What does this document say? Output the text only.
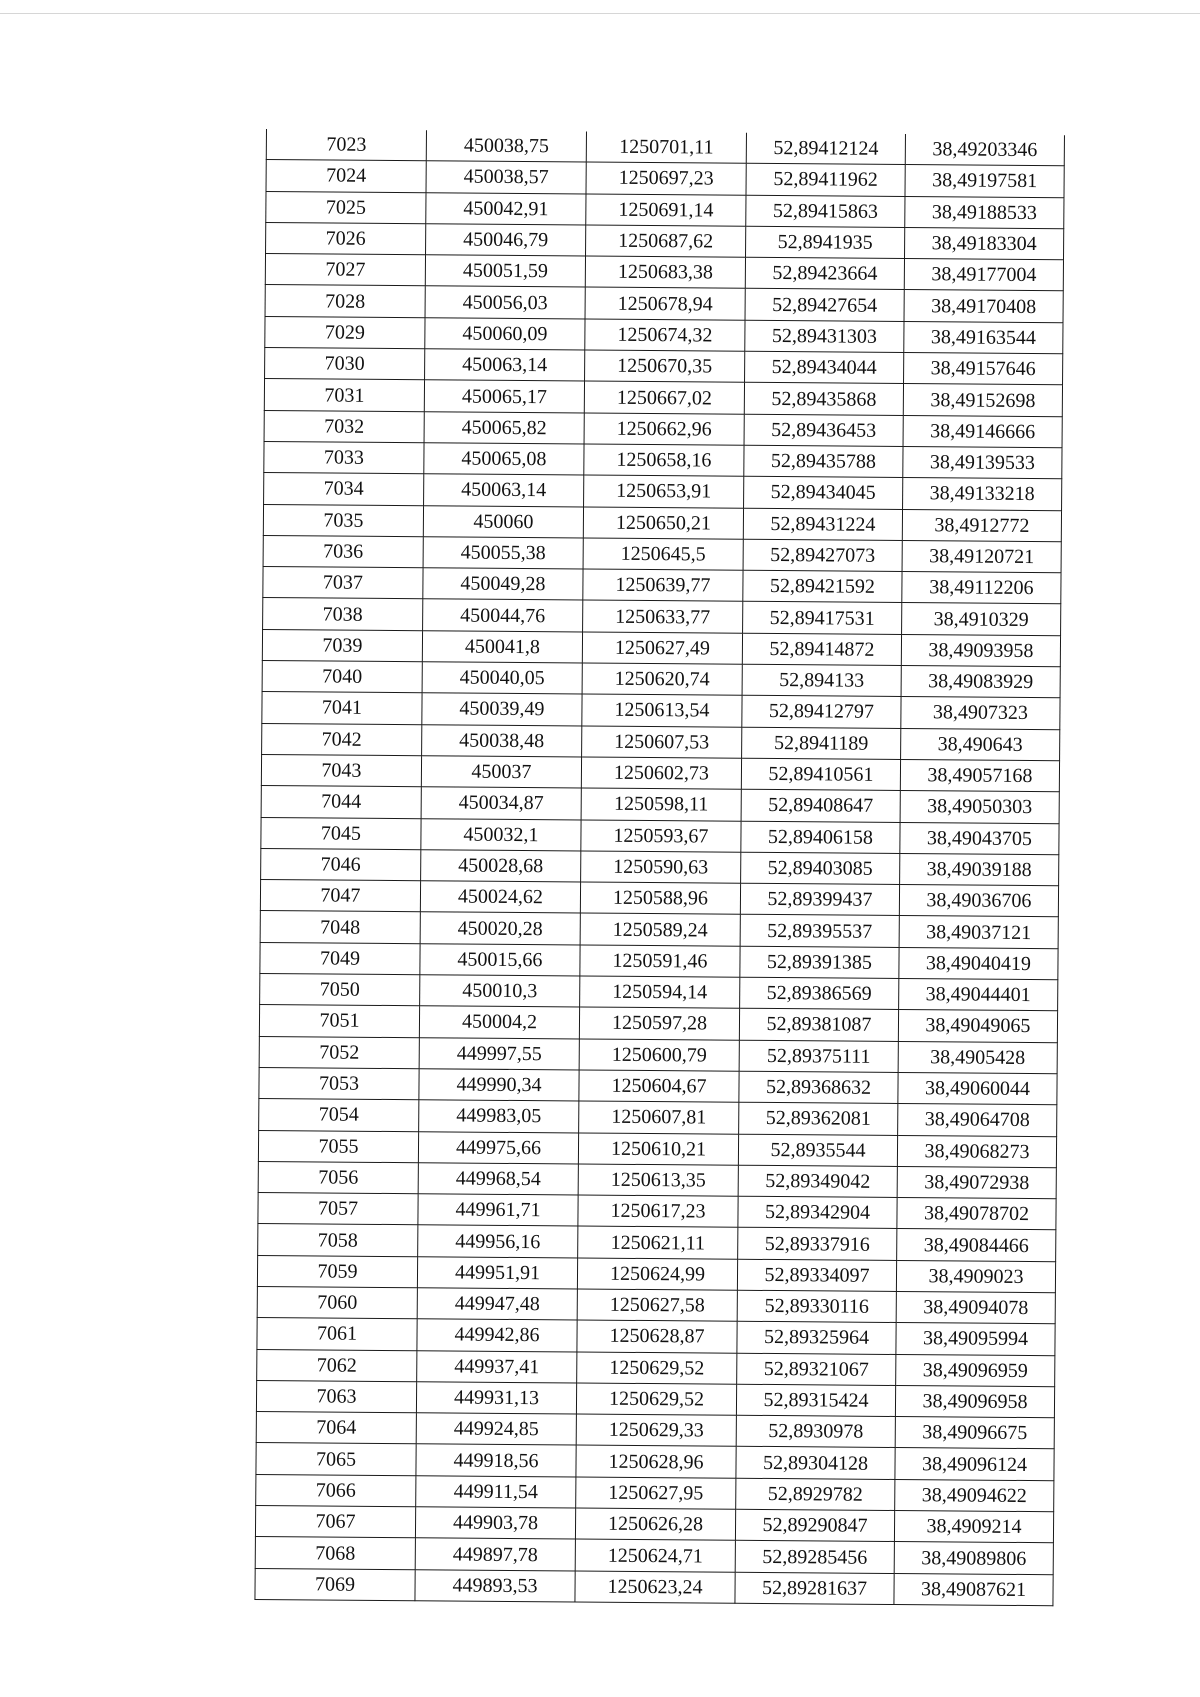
7023	450038,75	1250701,11	52,89412124	38,49203346
7024	450038,57	1250697,23	52,89411962	38,49197581
7025	450042,91	1250691,14	52,89415863	38,49188533
7026	450046,79	1250687,62	52,8941935	38,49183304
7027	450051,59	1250683,38	52,89423664	38,49177004
7028	450056,03	1250678,94	52,89427654	38,49170408
7029	450060,09	1250674,32	52,89431303	38,49163544
7030	450063,14	1250670,35	52,89434044	38,49157646
7031	450065,17	1250667,02	52,89435868	38,49152698
7032	450065,82	1250662,96	52,89436453	38,49146666
7033	450065,08	1250658,16	52,89435788	38,49139533
7034	450063,14	1250653,91	52,89434045	38,49133218
7035	450060	1250650,21	52,89431224	38,4912772
7036	450055,38	1250645,5	52,89427073	38,49120721
7037	450049,28	1250639,77	52,89421592	38,49112206
7038	450044,76	1250633,77	52,89417531	38,4910329
7039	450041,8	1250627,49	52,89414872	38,49093958
7040	450040,05	1250620,74	52,894133	38,49083929
7041	450039,49	1250613,54	52,89412797	38,4907323
7042	450038,48	1250607,53	52,8941189	38,490643
7043	450037	1250602,73	52,89410561	38,49057168
7044	450034,87	1250598,11	52,89408647	38,49050303
7045	450032,1	1250593,67	52,89406158	38,49043705
7046	450028,68	1250590,63	52,89403085	38,49039188
7047	450024,62	1250588,96	52,89399437	38,49036706
7048	450020,28	1250589,24	52,89395537	38,49037121
7049	450015,66	1250591,46	52,89391385	38,49040419
7050	450010,3	1250594,14	52,89386569	38,49044401
7051	450004,2	1250597,28	52,89381087	38,49049065
7052	449997,55	1250600,79	52,89375111	38,4905428
7053	449990,34	1250604,67	52,89368632	38,49060044
7054	449983,05	1250607,81	52,89362081	38,49064708
7055	449975,66	1250610,21	52,8935544	38,49068273
7056	449968,54	1250613,35	52,89349042	38,49072938
7057	449961,71	1250617,23	52,89342904	38,49078702
7058	449956,16	1250621,11	52,89337916	38,49084466
7059	449951,91	1250624,99	52,89334097	38,4909023
7060	449947,48	1250627,58	52,89330116	38,49094078
7061	449942,86	1250628,87	52,89325964	38,49095994
7062	449937,41	1250629,52	52,89321067	38,49096959
7063	449931,13	1250629,52	52,89315424	38,49096958
7064	449924,85	1250629,33	52,8930978	38,49096675
7065	449918,56	1250628,96	52,89304128	38,49096124
7066	449911,54	1250627,95	52,8929782	38,49094622
7067	449903,78	1250626,28	52,89290847	38,4909214
7068	449897,78	1250624,71	52,89285456	38,49089806
7069	449893,53	1250623,24	52,89281637	38,49087621
